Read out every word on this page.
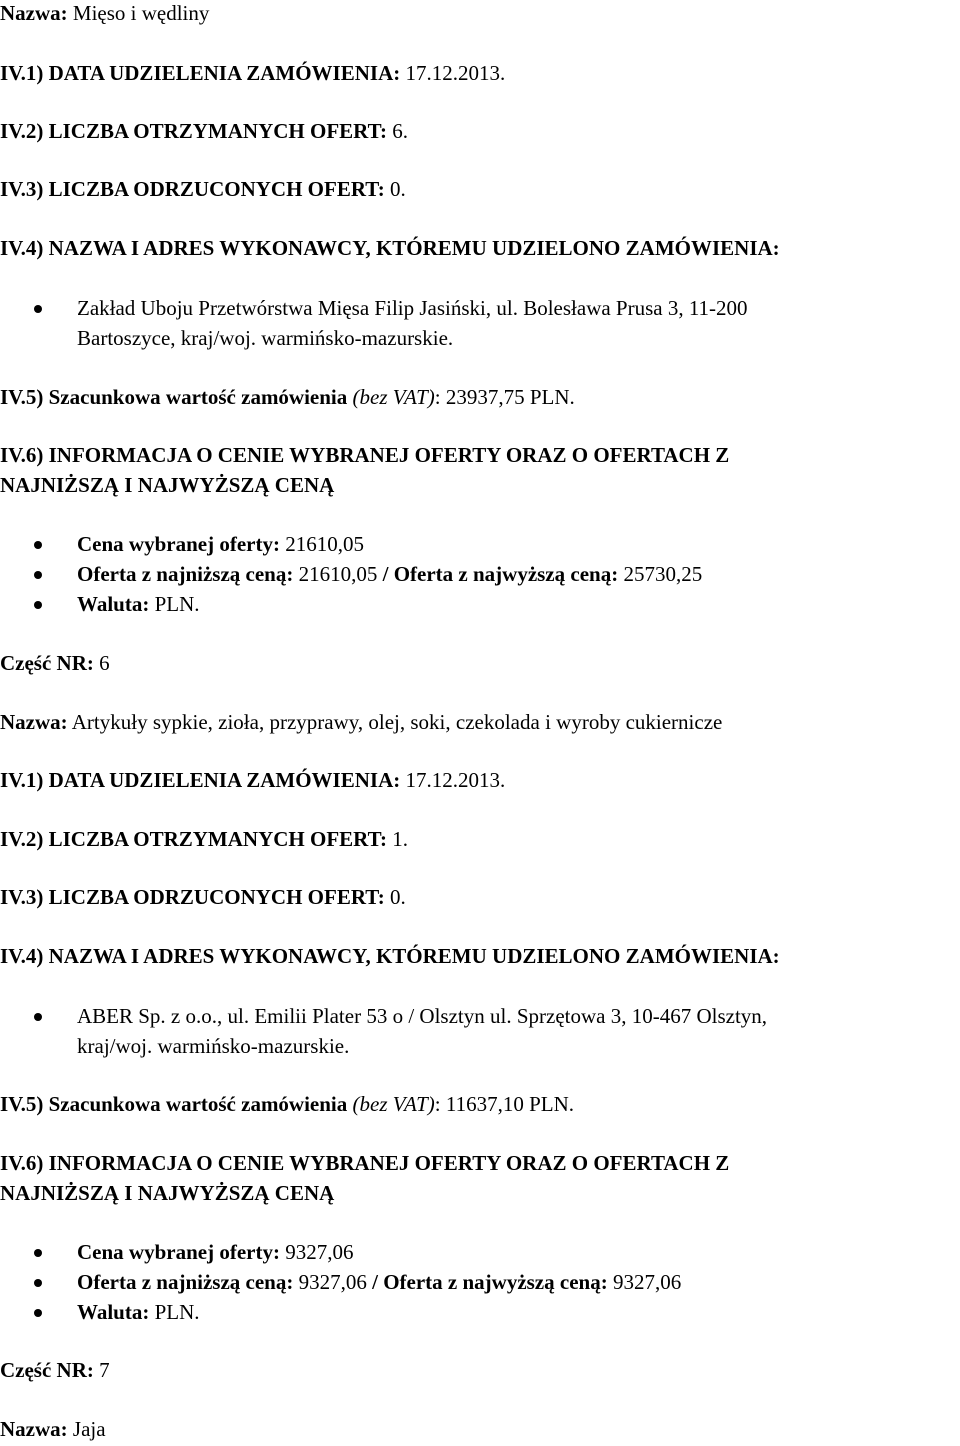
Nazwa: Mięso i wędliny
IV.1) DATA UDZIELENIA ZAMÓWIENIA: 17.12.2013.
IV.2) LICZBA OTRZYMANYCH OFERT: 6.
IV.3) LICZBA ODRZUCONYCH OFERT: 0.
IV.4) NAZWA I ADRES WYKONAWCY, KTÓREMU UDZIELONO ZAMÓWIENIA:
Zakład Uboju Przetwórstwa Mięsa Filip Jasiński, ul. Bolesława Prusa 3, 11-200
Bartoszyce, kraj/woj. warmińsko-mazurskie.
IV.5) Szacunkowa wartość zamówienia (bez VAT): 23937,75 PLN.
IV.6) INFORMACJA O CENIE WYBRANEJ OFERTY ORAZ O OFERTACH Z
NAJNIŻSZĄ I NAJWYŻSZĄ CENĄ
Cena wybranej oferty: 21610,05
Oferta z najniższą ceną: 21610,05 / Oferta z najwyższą ceną: 25730,25
Waluta: PLN.
Część NR: 6
Nazwa: Artykuły sypkie, zioła, przyprawy, olej, soki, czekolada i wyroby cukiernicze
IV.1) DATA UDZIELENIA ZAMÓWIENIA: 17.12.2013.
IV.2) LICZBA OTRZYMANYCH OFERT: 1.
IV.3) LICZBA ODRZUCONYCH OFERT: 0.
IV.4) NAZWA I ADRES WYKONAWCY, KTÓREMU UDZIELONO ZAMÓWIENIA:
ABER Sp. z o.o., ul. Emilii Plater 53 o / Olsztyn ul. Sprzętowa 3, 10-467 Olsztyn,
kraj/woj. warmińsko-mazurskie.
IV.5) Szacunkowa wartość zamówienia (bez VAT): 11637,10 PLN.
IV.6) INFORMACJA O CENIE WYBRANEJ OFERTY ORAZ O OFERTACH Z
NAJNIŻSZĄ I NAJWYŻSZĄ CENĄ
Cena wybranej oferty: 9327,06
Oferta z najniższą ceną: 9327,06 / Oferta z najwyższą ceną: 9327,06
Waluta: PLN.
Część NR: 7
Nazwa: Jaja
